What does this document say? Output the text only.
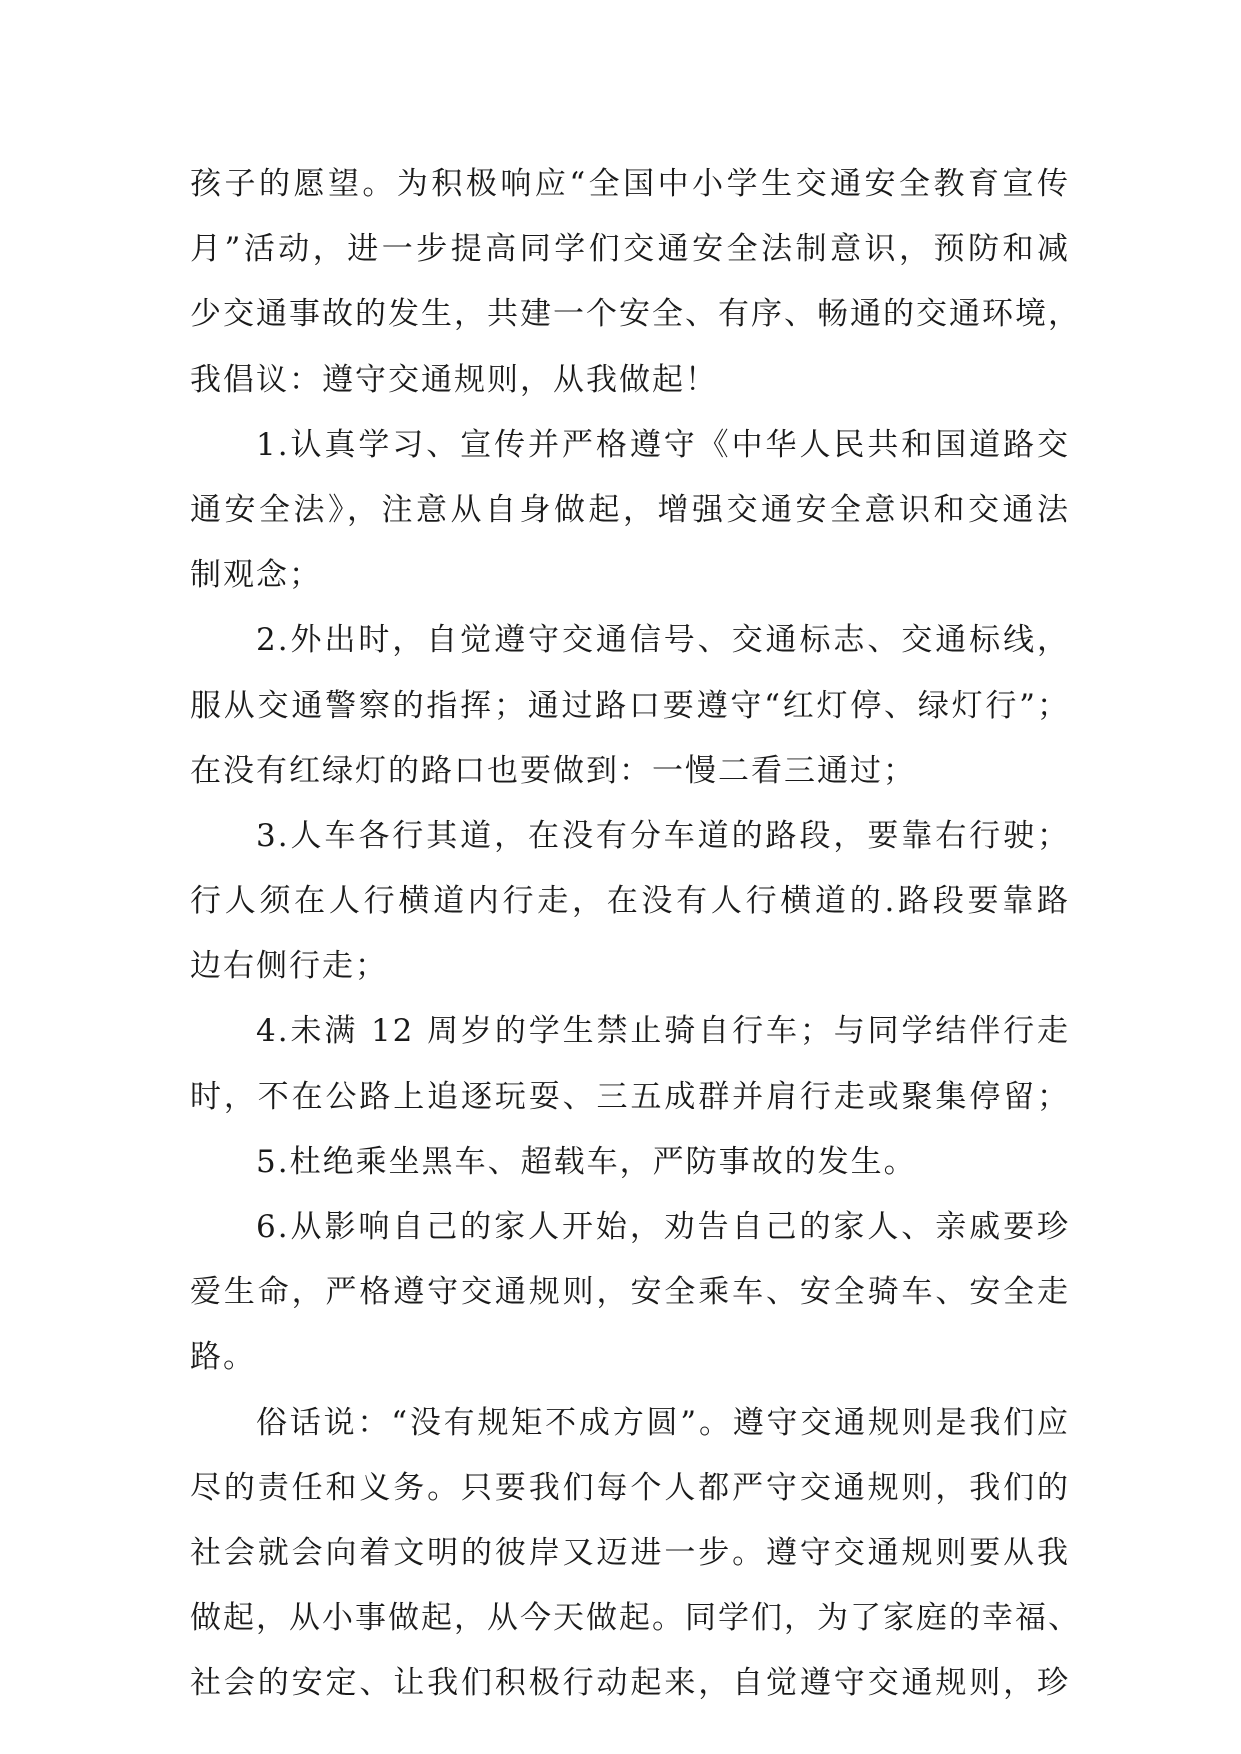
孩子的愿望。为积极响应“全国中小学生交通安全教育宣传
月”活动，进一步提高同学们交通安全法制意识，预防和减
少交通事故的发生，共建一个安全、有序、畅通的交通环境，
我倡议：遵守交通规则，从我做起！
1.认真学习、宣传并严格遵守《中华人民共和国道路交
通安全法》，注意从自身做起，增强交通安全意识和交通法
制观念；
2.外出时，自觉遵守交通信号、交通标志、交通标线，
服从交通警察的指挥；通过路口要遵守“红灯停、绿灯行”；
在没有红绿灯的路口也要做到：一慢二看三通过；
3.人车各行其道，在没有分车道的路段，要靠右行驶；
行人须在人行横道内行走，在没有人行横道的.路段要靠路
边右侧行走；
4.未满 12 周岁的学生禁止骑自行车；与同学结伴行走
时，不在公路上追逐玩耍、三五成群并肩行走或聚集停留；
5.杜绝乘坐黑车、超载车，严防事故的发生。
6.从影响自己的家人开始，劝告自己的家人、亲戚要珍
爱生命，严格遵守交通规则，安全乘车、安全骑车、安全走
路。
俗话说：“没有规矩不成方圆”。遵守交通规则是我们应
尽的责任和义务。只要我们每个人都严守交通规则，我们的
社会就会向着文明的彼岸又迈进一步。遵守交通规则要从我
做起，从小事做起，从今天做起。同学们，为了家庭的幸福、
社会的安定、让我们积极行动起来，自觉遵守交通规则，珍
